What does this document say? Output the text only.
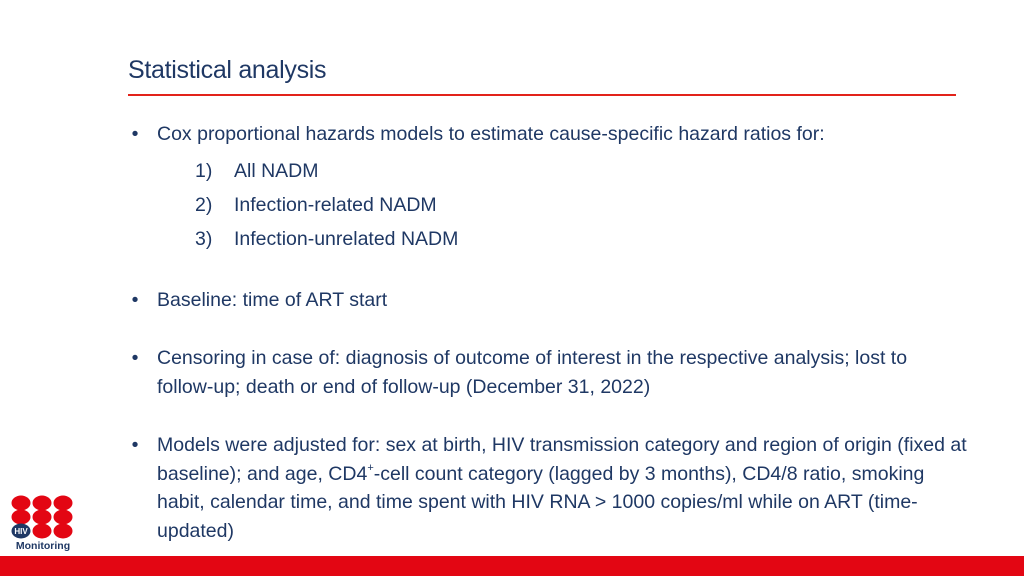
Statistical analysis
• Cox proportional hazards models to estimate cause-specific hazard ratios for:
1) All NADM
2) Infection-related NADM
3) Infection-unrelated NADM
• Baseline: time of ART start
• Censoring in case of: diagnosis of outcome of interest in the respective analysis; lost to follow-up; death or end of follow-up (December 31, 2022)
• Models were adjusted for: sex at birth, HIV transmission category and region of origin (fixed at baseline); and age, CD4+-cell count category (lagged by 3 months), CD4/8 ratio, smoking habit, calendar time, and time spent with HIV RNA > 1000 copies/ml while on ART (time-updated)
HIV
Monitoring
